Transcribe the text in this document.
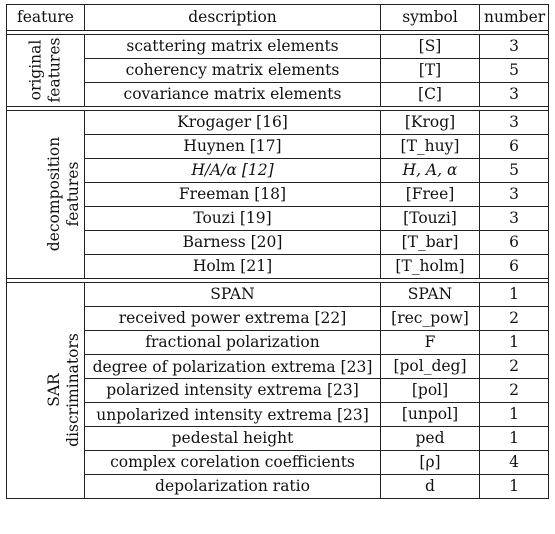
feature	description	symbol	number

original
features	scattering matrix elements	[S]	3
	coherency matrix elements	[T]	5
	covariance matrix elements	[C]	3

decomposition
features	Krogager [16]	[Krog]	3
	Huynen [17]	[T_huy]	6
	H/A/α [12]	H, A, α	5
	Freeman [18]	[Free]	3
	Touzi [19]	[Touzi]	3
	Barness [20]	[T_bar]	6
	Holm [21]	[T_holm]	6

SAR
discriminators	SPAN	SPAN	1
	received power extrema [22]	[rec_pow]	2
	fractional polarization	F	1
	degree of polarization extrema [23]	[pol_deg]	2
	polarized intensity extrema [23]	[pol]	2
	unpolarized intensity extrema [23]	[unpol]	1
	pedestal height	ped	1
	complex corelation coefficients	[ρ]	4
	depolarization ratio	d	1
